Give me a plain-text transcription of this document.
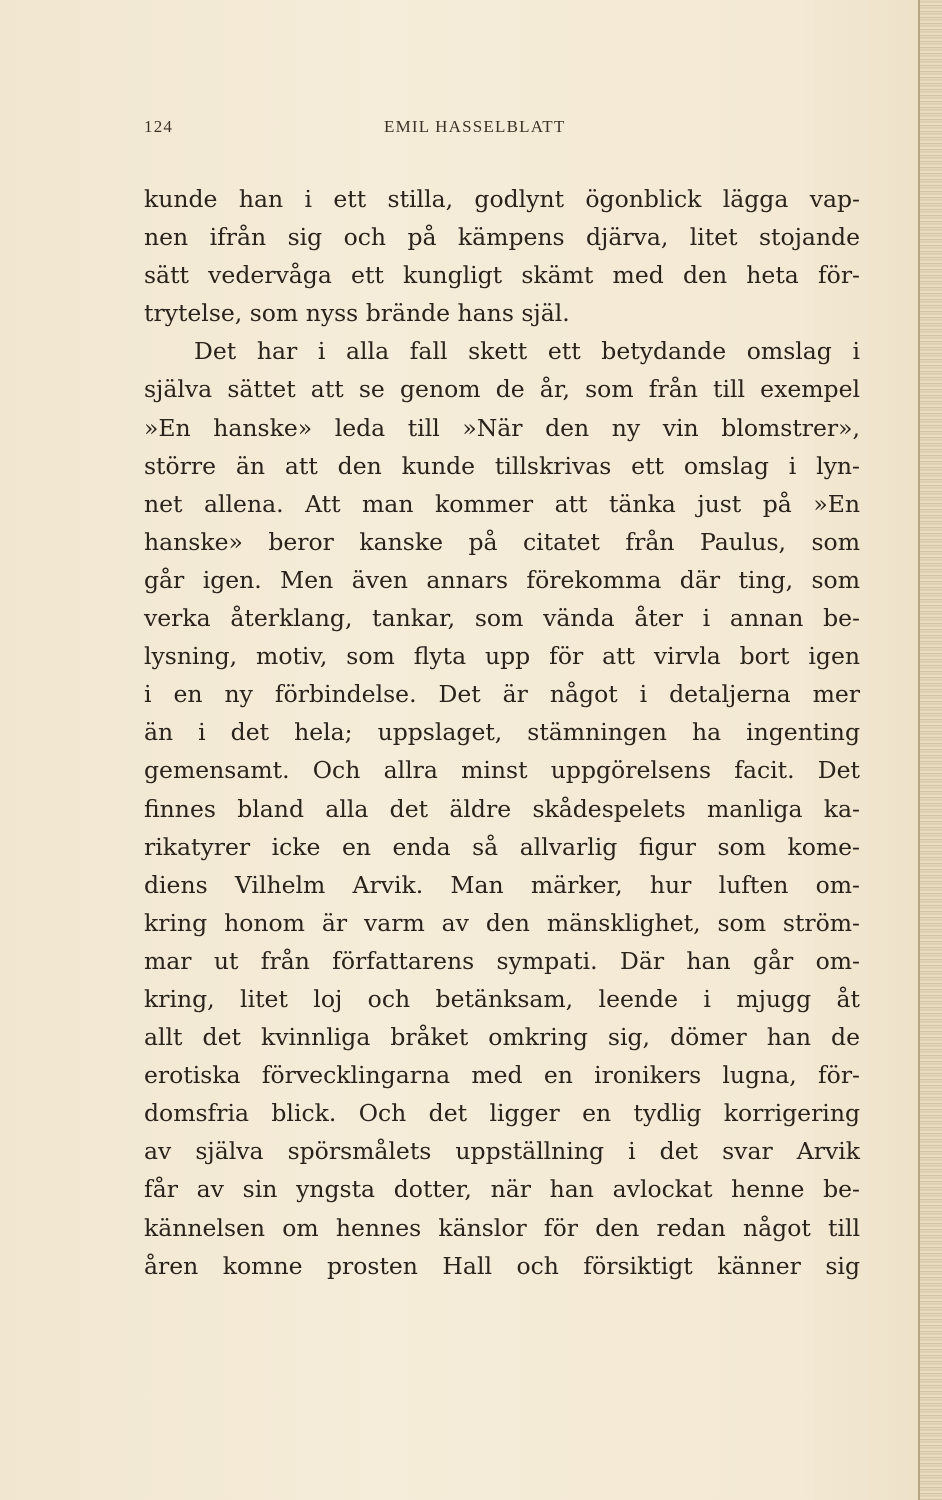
124	EMIL HASSELBLATT
kunde han i ett stilla, godlynt ögonblick lägga vap-
nen ifrån sig och på kämpens djärva, litet stojande
sätt vedervåga ett kungligt skämt med den heta för-
trytelse, som nyss brände hans själ.
Det har i alla fall skett ett betydande omslag i
själva sättet att se genom de år, som från till exempel
»En hanske» leda till »När den ny vin blomstrer»,
större än att den kunde tillskrivas ett omslag i lyn-
net allena. Att man kommer att tänka just på »En
hanske» beror kanske på citatet från Paulus, som
går igen. Men även annars förekomma där ting, som
verka återklang, tankar, som vända åter i annan be-
lysning, motiv, som flyta upp för att virvla bort igen
i en ny förbindelse. Det är något i detaljerna mer
än i det hela; uppslaget, stämningen ha ingenting
gemensamt. Och allra minst uppgörelsens facit. Det
finnes bland alla det äldre skådespelets manliga ka-
rikatyrer icke en enda så allvarlig figur som kome-
diens Vilhelm Arvik. Man märker, hur luften om-
kring honom är varm av den mänsklighet, som ström-
mar ut från författarens sympati. Där han går om-
kring, litet loj och betänksam, leende i mjugg åt
allt det kvinnliga bråket omkring sig, dömer han de
erotiska förvecklingarna med en ironikers lugna, för-
domsfria blick. Och det ligger en tydlig korrigering
av själva spörsmålets uppställning i det svar Arvik
får av sin yngsta dotter, när han avlockat henne be-
kännelsen om hennes känslor för den redan något till
åren komne prosten Hall och försiktigt känner sig
